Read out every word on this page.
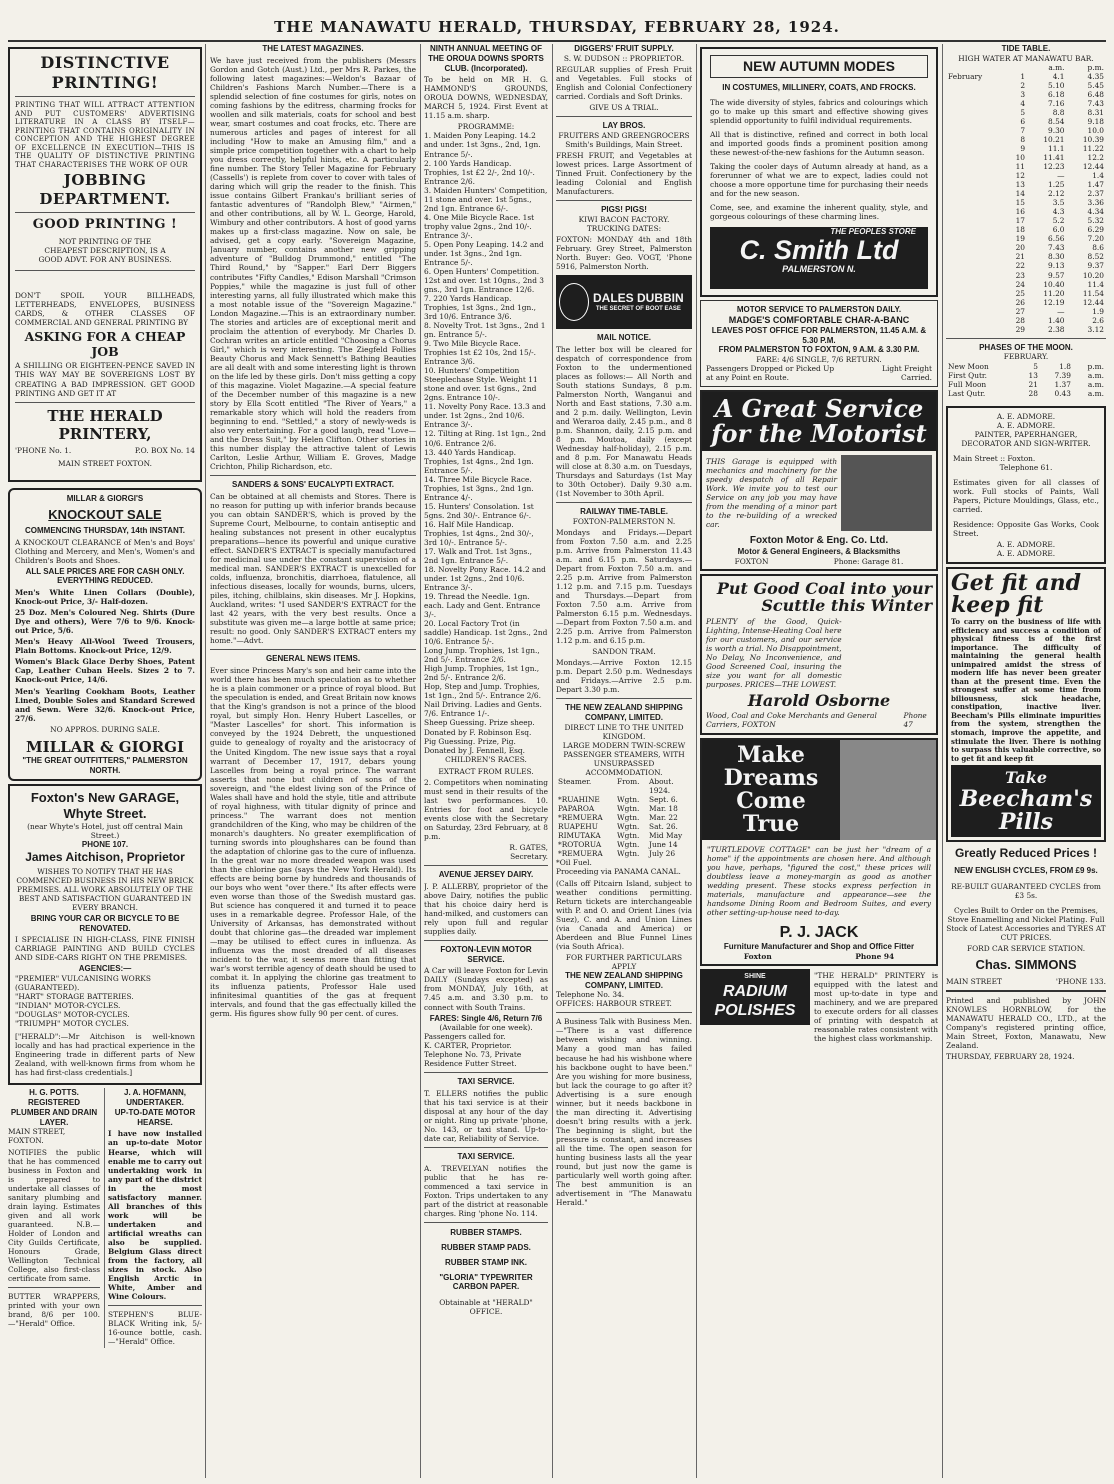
THE MANAWATU HERALD, THURSDAY, FEBRUARY 28, 1924.
DISTINCTIVE PRINTING!

PRINTING THAT WILL ATTRACT ATTENTION AND PUT CUSTOMERS' ADVERTISING LITERATURE IN A CLASS BY ITSELF—PRINTING THAT CONTAINS ORIGINALITY IN CONCEPTION AND THE HIGHEST DEGREE OF EXCELLENCE IN EXECUTION—THIS IS THE QUALITY OF DISTINCTIVE PRINTING THAT CHARACTERISES THE WORK OF OUR

JOBBING DEPARTMENT.
GOOD PRINTING !

NOT PRINTING OF THE CHEAPEST DESCRIPTION, IS A GOOD ADVT. FOR ANY BUSINESS.

DON'T SPOIL YOUR BILLHEADS, LETTERHEADS, ENVELOPES, BUSINESS CARDS, & OTHER CLASSES OF COMMERCIAL AND GENERAL PRINTING BY

ASKING FOR A CHEAP JOB

A SHILLING OR EIGHTEEN-PENCE SAVED IN THIS WAY MAY BE SOVEREIGNS LOST BY CREATING A BAD IMPRESSION. GET GOOD PRINTING AND GET IT AT

THE HERALD PRINTERY,
'PHONE No. 1.	P.O. BOX No. 14
MAIN STREET FOXTON.
MILLAR & GIORGI'S
KNOCKOUT SALE
COMMENCING THURSDAY, 14th INSTANT.

A KNOCKOUT CLEARANCE of Men's and Boys' Clothing and Mercery, and Men's, Women's and Children's Boots and Shoes.

ALL SALE PRICES ARE FOR CASH ONLY.
EVERYTHING REDUCED.

Men's White Linen Collars (Double), Knock-out Price, 3/- Half-dozen.

25 Doz. Men's Coloured Neg. Shirts (Dure Dye and others), Were 7/6 to 9/6. Knock-out Price, 5/6.

Men's Heavy All-Wool Tweed Trousers, Plain Bottoms. Knock-out Price, 12/9.

Women's Black Glace Derby Shoes, Patent Cap, Leather Cuban Heels. Sizes 2 to 7. Knock-out Price, 14/6.

Men's Yearling Cookham Boots, Leather Lined, Double Soles and Standard Screwed and Sewn. Were 32/6. Knock-out Price, 27/6.

NO APPROS. DURING SALE.
MILLAR & GIORGI
"THE GREAT OUTFITTERS," PALMERSTON NORTH.
Foxton's New GARAGE, Whyte Street.
(near Whyte's Hotel, just off central Main Street.)
PHONE 107.
James Aitchison, Proprietor

WISHES TO NOTIFY THAT HE HAS COMMENCED BUSINESS IN HIS NEW BRICK PREMISES. ALL WORK ABSOLUTELY OF THE BEST AND SATISFACTION GUARANTEED IN EVERY BRANCH.

BRING YOUR CAR OR BICYCLE TO BE RENOVATED.

I SPECIALISE IN HIGH-CLASS, FINE FINISH CARRIAGE PAINTING AND BUILD CYCLES AND SIDE-CARS RIGHT ON THE PREMISES.

AGENCIES:—
"PREMIER" VULCANISING WORKS (GUARANTEED).
"HART" STORAGE BATTERIES.
"INDIAN" MOTOR-CYCLES.
"DOUGLAS" MOTOR-CYCLES.
"TRIUMPH" MOTOR CYCLES.

["HERALD":—Mr Aitchison is well-known locally and has had practical experience in the Engineering trade in different parts of New Zealand, with well-known firms from whom he has had first-class credentials.]

H. G. POTTS.
REGISTERED PLUMBER AND DRAIN LAYER.
MAIN STREET, FOXTON.

NOTIFIES the public that he has commenced business in Foxton and is prepared to undertake all classes of sanitary plumbing and drain laying. Estimates given and all work guaranteed. N.B.—Holder of London and City Guilds Certificate, Honours Grade, Wellington Technical College, also first-class certificate from same.

BUTTER WRAPPERS, printed with your own brand, 8/6 per 100. —"Herald" Office.

J. A. HOFMANN, UNDERTAKER.
UP-TO-DATE MOTOR HEARSE.

I have now installed an up-to-date Motor Hearse, which will enable me to carry out undertaking work in any part of the district in the most satisfactory manner. All branches of this work will be undertaken and artificial wreaths can also be supplied. Belgium Glass direct from the factory, all sizes in stock. Also English Arctic in White, Amber and Wine Colours.

STEPHEN'S BLUE-BLACK Writing ink, 5/- 16-ounce bottle, cash.—"Herald" Office.

THE LATEST MAGAZINES.

We have just received from the publishers (Messrs Gordon and Gotch (Aust.) Ltd., per Mrs R. Parkes, the following latest magazines:—Weldon's Bazaar of Children's Fashions March Number.—There is a splendid selection of fine costumes for girls, notes on coming fashions by the editress, charming frocks for woollen and silk materials, coats for school and best wear, smart costumes and coat frocks, etc. There are numerous articles and pages of interest for all including "How to make an Amusing film," and a simple price competition together with a chart to help you dress correctly, helpful hints, etc. A particularly fine number. The Story Teller Magazine for February (Cassells') is replete from cover to cover with tales of daring which will grip the reader to the finish. This issue contains Gilbert Frankau's brilliant series of fantastic adventures of "Randolph Blew," "Airmen," and other contributions, all by W. L. George, Harold, Wimbury and other contributors. A host of good yarns makes up a first-class magazine. Now on sale, be advised, get a copy early. "Sovereign Magazine, January number, contains another new gripping adventure of "Bulldog Drummond," entitled "The Third Round," by "Sapper." Earl Derr Biggers contributes "Fifty Candles," Edison Marshall "Crimson Poppies," while the magazine is just full of other interesting yarns, all fully illustrated which make this a most notable issue of the "Sovereign Magazine." London Magazine.—This is an extraordinary number. The stories and articles are of exceptional merit and proclaim the attention of everybody. Mr Charles D. Cochran writes an article entitled "Choosing a Chorus Girl," which is very interesting. The Ziegfeld Follies Beauty Chorus and Mack Sennett's Bathing Beauties are all dealt with and some interesting light is thrown on the life led by these girls. Don't miss getting a copy of this magazine. Violet Magazine.—A special feature of the December number of this magazine is a new story by Ella Scott entitled "The River of Years," a remarkable story which will hold the readers from beginning to end. "Settled," a story of newly-weds is also very entertaining. For a good laugh, read "Love—and the Dress Suit," by Helen Clifton. Other stories in this number display the attractive talent of Lewis Carlton, Leslie Arthur, William E. Groves, Madge Crichton, Philip Richardson, etc.

SANDERS & SONS' EUCALYPTI EXTRACT.

Can be obtained at all chemists and Stores. There is no reason for putting up with inferior brands because you can obtain SANDER'S, which is proved by the Supreme Court, Melbourne, to contain antiseptic and healing substances not present in other eucalyptus preparations—hence its powerful and unique curative effect. SANDER'S EXTRACT is specially manufactured for medicinal use under the constant supervision of a medical man. SANDER'S EXTRACT is unexcelled for colds, influenza, bronchitis, diarrhoea, flatulence, all infectious diseases, locally for wounds, burns, ulcers, piles, itching, chilblains, skin diseases. Mr J. Hopkins, Auckland, writes: "I used SANDER'S EXTRACT for the last 42 years, with the very best results. Once a substitute was given me—a large bottle at same price; result: no good. Only SANDER'S EXTRACT enters my home."—Advt.

GENERAL NEWS ITEMS.

Ever since Princess Mary's son and heir came into the world there has been much speculation as to whether he is a plain commoner or a prince of royal blood. But the speculation is ended, and Great Britain now knows that the King's grandson is not a prince of the blood royal, but simply Hon. Henry Hubert Lascelles, or "Master Lascelles" for short. This information is conveyed by the 1924 Debrett, the unquestioned guide to genealogy of royalty and the aristocracy of the United Kingdom. The new issue says that a royal warrant of December 17, 1917, debars young Lascelles from being a royal prince. The warrant asserts that none but children of sons of the sovereign, and "the eldest living son of the Prince of Wales shall have and hold the style, title and attribute of royal highness, with titular dignity of prince and princess." The warrant does not mention grandchildren of the King, who may be children of the monarch's daughters. No greater exemplification of turning swords into ploughshares can be found than the adaptation of chlorine gas to the cure of influenza. In the great war no more dreaded weapon was used than the chlorine gas (says the New York Herald). Its effects are being borne by hundreds and thousands of our boys who went "over there." Its after effects were even worse than those of the Swedish mustard gas. But science has conquered it and turned it to peace uses in a remarkable degree. Professor Hale, of the University of Arkansas, has demonstrated without doubt that chlorine gas—the dreaded war implement—may be utilised to effect cures in influenza. As influenza was the most dreaded of all diseases incident to the war, it seems more than fitting that war's worst terrible agency of death should be used to combat it. In applying the chlorine gas treatment to its influenza patients, Professor Hale used infinitesimal quantities of the gas at frequent intervals, and found that the gas effectually killed the germ. His figures show fully 90 per cent. of cures.

NINTH ANNUAL MEETING OF THE OROUA DOWNS SPORTS CLUB. (Incorporated).

To be held on MR H. G. HAMMOND'S GROUNDS, OROUA DOWNS, WEDNESDAY, MARCH 5, 1924. First Event at 11.15 a.m. sharp.

PROGRAMME:
1. Maiden Pony Leaping. 14.2 and under. 1st 3gns., 2nd, 1gn. Entrance 5/-.
2. 100 Yards Handicap. Trophies, 1st £2 2/-, 2nd 10/-. Entrance 2/6.
3. Maiden Hunters' Competition, 11 stone and over. 1st 5gns., 2nd 1gn. Entrance 6/-.
4. One Mile Bicycle Race. 1st trophy value 2gns., 2nd 10/-. Entrance 3/-.
5. Open Pony Leaping. 14.2 and under. 1st 3gns., 2nd 1gn. Entrance 5/-.
6. Open Hunters' Competition. 12st and over. 1st 10gns., 2nd 3 gns., 3rd 1gn. Entrance 12/6.
7. 220 Yards Handicap. Trophies, 1st 3gns., 2nd 1gn., 3rd 10/6. Entrance 3/6.
8. Novelty Trot. 1st 3gns., 2nd 1 gn. Entrance 5/-.
9. Two Mile Bicycle Race. Trophies 1st £2 10s, 2nd 15/-. Entrance 3/6.
10. Hunters' Competition Steeplechase Style. Weight 11 stone and over. 1st 6gns., 2nd 2gns. Entrance 10/-.
11. Novelty Pony Race. 13.3 and under. 1st 2gns., 2nd 10/6. Entrance 3/-.
12. Tilting at Ring. 1st 1gn., 2nd 10/6. Entrance 2/6.
13. 440 Yards Handicap. Trophies, 1st 4gns., 2nd 1gn. Entrance 5/-.
14. Three Mile Bicycle Race. Trophies, 1st 3gns., 2nd 1gn. Entrance 4/-.
15. Hunters' Consolation. 1st 5gns. 2nd 30/-. Entrance 6/-.
16. Half Mile Handicap. Trophies, 1st 4gns., 2nd 30/-, 3rd 10/-. Entrance 5/-.
17. Walk and Trot. 1st 3gns., 2nd 1gn. Entrance 5/-.
18. Novelty Pony Race. 14.2 and under. 1st 2gns., 2nd 10/6. Entrance 3/-.
19. Thread the Needle. 1gn. each. Lady and Gent. Entrance 3/-.
20. Local Factory Trot (in saddle) Handicap. 1st 2gns., 2nd 10/6. Entrance 5/-.
Long Jump. Trophies, 1st 1gn., 2nd 5/-. Entrance 2/6.
High Jump. Trophies, 1st 1gn., 2nd 5/-. Entrance 2/6.
Hop, Step and Jump. Trophies, 1st 1gn., 2nd 5/-. Entrance 2/6.
Nail Driving. Ladies and Gents. 7/6. Entrance 1/-.
Sheep Guessing. Prize sheep. Donated by F. Robinson Esq.
Pig Guessing. Prize, Pig. Donated by J. Fennell, Esq.
CHILDREN'S RACES.
EXTRACT FROM RULES.

2. Competitors when nominating must send in their results of the last two performances. 10. Entries for foot and bicycle events close with the Secretary on Saturday, 23rd February, at 8 p.m.

R. GATES,
Secretary.
AVENUE JERSEY DAIRY.

J. P. ALLERBY, proprietor of the above Dairy, notifies the public that his choice dairy herd is hand-milked, and customers can rely upon full and regular supplies daily.

FOXTON-LEVIN MOTOR SERVICE.

A Car will leave Foxton for Levin DAILY (Sundays excepted) as from MONDAY, July 16th, at 7.45 a.m. and 3.30 p.m. to connect with South Trains.

FARES: Single 4/6, Return 7/6
(Available for one week).
Passengers called for.
K. CARTER, Proprietor.
Telephone No. 73, Private Residence Futter Street.
TAXI SERVICE.

T. ELLERS notifies the public that his taxi service is at their disposal at any hour of the day or night. Ring up private 'phone, No. 143, or taxi stand. Up-to-date car, Reliability of Service.

TAXI SERVICE.

A. TREVELYAN notifies the public that he has re-commenced a taxi service in Foxton. Trips undertaken to any part of the district at reasonable charges. Ring 'phone No. 114.

RUBBER STAMPS.
RUBBER STAMP PADS.
RUBBER STAMP INK.
"GLORIA" TYPEWRITER CARBON PAPER.
Obtainable at "HERALD" OFFICE.
DIGGERS' FRUIT SUPPLY.
S. W. DUDSON :: PROPRIETOR.

REGULAR supplies of Fresh Fruit and Vegetables. Full stocks of English and Colonial Confectionery carried. Cordials and Soft Drinks.

GIVE US A TRIAL.
LAY BROS.
FRUITERS AND GREENGROCERS
Smith's Buildings, Main Street.

FRESH FRUIT, and Vegetables at lowest prices. Large Assortment of Tinned Fruit. Confectionery by the leading Colonial and English Manufacturers.

PIGS! PIGS!
KIWI BACON FACTORY.
TRUCKING DATES:

FOXTON: MONDAY 4th and 18th February. Grey Street, Palmerston North. Buyer: Geo. VOGT, 'Phone 5916, Palmerston North.

DALES DUBBIN
THE SECRET OF BOOT EASE
MAIL NOTICE.

The letter box will be cleared for despatch of correspondence from Foxton to the undermentioned places as follows:— All North and South stations Sundays, 8 p.m. Palmerston North, Wanganui and North and East stations, 7.30 a.m. and 2 p.m. daily. Wellington, Levin and Weraroa daily, 2.45 p.m., and 8 p.m. Shannon, daily, 2.15 p.m. and 8 p.m. Moutoa, daily (except Wednesday half-holiday), 2.15 p.m. and 8 p.m. For Manawatu Heads will close at 8.30 a.m. on Tuesdays, Thursdays and Saturdays (1st May to 30th October). Daily 9.30 a.m. (1st November to 30th April.

RAILWAY TIME-TABLE.
FOXTON-PALMERSTON N.

Mondays and Fridays.—Depart from Foxton 7.50 a.m. and 2.25 p.m. Arrive from Palmerston 11.43 a.m. and 6.15 p.m. Saturdays.—Depart from Foxton 7.50 a.m. and 2.25 p.m. Arrive from Palmerston 1.12 p.m. and 7.15 p.m. Tuesdays and Thursdays.—Depart from Foxton 7.50 a.m. Arrive from Palmerston 6.15 p.m. Wednesdays.—Depart from Foxton 7.50 a.m. and 2.25 p.m. Arrive from Palmerston 1.12 p.m. and 6.15 p.m.

SANDON TRAM.

Mondays.—Arrive Foxton 12.15 p.m. Depart 2.50 p.m. Wednesdays and Fridays.—Arrive 2.5 p.m. Depart 3.30 p.m.

THE NEW ZEALAND SHIPPING COMPANY, LIMITED.
DIRECT LINE TO THE UNITED KINGDOM.
LARGE MODERN TWIN-SCREW PASSENGER STEAMERS, WITH UNSURPASSED ACCOMMODATION.
Steamer.	From.	About.
		1924.
*RUAHINE	Wgtn.	Sept. 6.
PAPAROA	Wgtn.	Mar. 18
*REMUERA	Wgtn.	Mar. 22
RUAPEHU	Wgtn.	Sat. 26.
RIMUTAKA	Wgtn.	Mid May
*ROTORUA	Wgtn.	June 14
*REMUERA	Wgtn.	July 26
*Oil Fuel.
Proceeding via PANAMA CANAL.

(Calls off Pitcairn Island, subject to weather conditions permitting. Return tickets are interchangeable with P. and O. and Orient Lines (via Suez), C. and A. and Union Lines (via Canada and America) or Aberdeen and Blue Funnel Lines (via South Africa).

FOR FURTHER PARTICULARS APPLY
THE NEW ZEALAND SHIPPING COMPANY, LIMITED.
Telephone No. 34.
OFFICES: HARBOUR STREET.

A Business Talk with Business Men.—"There is a vast difference between wishing and winning. Many a good man has failed because he had his wishbone where his backbone ought to have been." Are you wishing for more business, but lack the courage to go after it? Advertising is a sure enough winner, but it needs backbone in the man directing it. Advertising doesn't bring results with a jerk. The beginning is slight, but the pressure is constant, and increases all the time. The open season for hunting business lasts all the year round, but just now the game is particularly well worth going after. The best ammunition is an advertisement in "The Manawatu Herald."

NEW AUTUMN MODES
IN COSTUMES, MILLINERY, COATS, AND FROCKS.

The wide diversity of styles, fabrics and colourings which go to make up this smart and effective showing gives splendid opportunity to fulfil individual requirements.

All that is distinctive, refined and correct in both local and imported goods finds a prominent position among these newest-of-the-new fashions for the Autumn season.

Taking the cooler days of Autumn already at hand, as a forerunner of what we are to expect, ladies could not choose a more opportune time for purchasing their needs and for the new season.

Come, see, and examine the inherent quality, style, and gorgeous colourings of these charming lines.

THE PEOPLES STORE
C. Smith Ltd
PALMERSTON N.
MOTOR SERVICE TO PALMERSTON DAILY.
MADGE'S COMFORTABLE CHAR-A-BANC
LEAVES POST OFFICE FOR PALMERSTON, 11.45 A.M. & 5.30 P.M.
FROM PALMERSTON TO FOXTON, 9 A.M. & 3.30 P.M.
FARE: 4/6 SINGLE, 7/6 RETURN.
Passengers Dropped or Picked Up at any Point en Route.
Light Freight Carried.
A Great Service
for the Motorist

THIS Garage is equipped with mechanics and machinery for the speedy despatch of all Repair Work. We invite you to test our Service on any job you may have from the mending of a minor part to the re-building of a wrecked car.

Foxton Motor & Eng. Co. Ltd.
Motor & General Engineers, & Blacksmiths
FOXTON	Phone: Garage 81.
Put Good Coal into your Scuttle this Winter

PLENTY of the Good, Quick-Lighting, Intense-Heating Coal here for our customers, and our service is worth a trial. No Disappointment, No Delay, No Inconvenience, and Good Screened Coal, insuring the size you want for all domestic purposes. PRICES—THE LOWEST.

Harold Osborne
Wood, Coal and Coke Merchants and General Carriers, FOXTON
Phone 47
Make Dreams
Come True

"TURTLEDOVE COTTAGE" can be just her "dream of a home" if the appointments are chosen here. And although you have, perhaps, "figured the cost," these prices will doubtless leave a money-margin as good as another wedding present. These stocks express perfection in materials, manufacture and appearance—see the handsome Dining Room and Bedroom Suites, and every other setting-up-house need to-day.

P. J. JACK
Furniture Manufacturer and Shop and Office Fitter
Foxton	Phone 94
SHINE
RADIUM POLISHES

"THE HERALD" PRINTERY is equipped with the latest and most up-to-date in type and machinery, and we are prepared to execute orders for all classes of printing with despatch at reasonable rates consistent with the highest class workmanship.

TIDE TABLE.
HIGH WATER AT MANAWATU BAR.
		a.m.	p.m.
February	1	4.1	4.35
	2	5.10	5.45
	3	6.18	6.48
	4	7.16	7.43
	5	8.8	8.31
	6	8.54	9.18
	7	9.30	10.0
	8	10.21	10.39
	9	11.1	11.22
	10	11.41	12.2
	11	12.23	12.44
	12	—	1.4
	13	1.25	1.47
	14	2.12	2.37
	15	3.5	3.36
	16	4.3	4.34
	17	5.2	5.32
	18	6.0	6.29
	19	6.56	7.20
	20	7.43	8.6
	21	8.30	8.52
	22	9.13	9.37
	23	9.57	10.20
	24	10.40	11.4
	25	11.20	11.54
	26	12.19	12.44
	27	—	1.9
	28	1.40	2.6
	29	2.38	3.12
PHASES OF THE MOON.
FEBRUARY.
New Moon	5	1.8	p.m.
First Qutr.	13	7.39	a.m.
Full Moon	21	1.37	a.m.
Last Qutr.	28	0.43	a.m.
A. E. ADMORE.
A. E. ADMORE.
PAINTER, PAPERHANGER, DECORATOR AND SIGN-WRITER.
Main Street :: Foxton.
Telephone 61.

Estimates given for all classes of work. Full stocks of Paints, Wall Papers, Picture Mouldings, Glass, etc., carried.

Residence: Opposite Gas Works, Cook Street.

A. E. ADMORE.
A. E. ADMORE.
Get fit and keep fit

To carry on the business of life with efficiency and success a condition of physical fitness is of the first importance. The difficulty of maintaining the general health unimpaired amidst the stress of modern life has never been greater than at the present time. Even the strongest suffer at some time from biliousness, sick headache, constipation, inactive liver. Beecham's Pills eliminate impurities from the system, strengthen the stomach, improve the appetite, and stimulate the liver. There is nothing to surpass this valuable corrective, so to get fit and keep fit

Take
Beecham's Pills
Greatly Reduced Prices !
NEW ENGLISH CYCLES, FROM £9 9s.
RE-BUILT GUARANTEED CYCLES from £3 5s.

Cycles Built to Order on the Premises, Stove Enamelling and Nickel Plating. Full Stock of Latest Accessories and TYRES AT CUT PRICES.

FORD CAR SERVICE STATION.
Chas. SIMMONS
MAIN STREET	'PHONE 133.

Printed and published by JOHN KNOWLES HORNBLOW, for the MANAWATU HERALD CO., LTD., at the Company's registered printing office, Main Street, Foxton, Manawatu, New Zealand.

THURSDAY, FEBRUARY 28, 1924.
